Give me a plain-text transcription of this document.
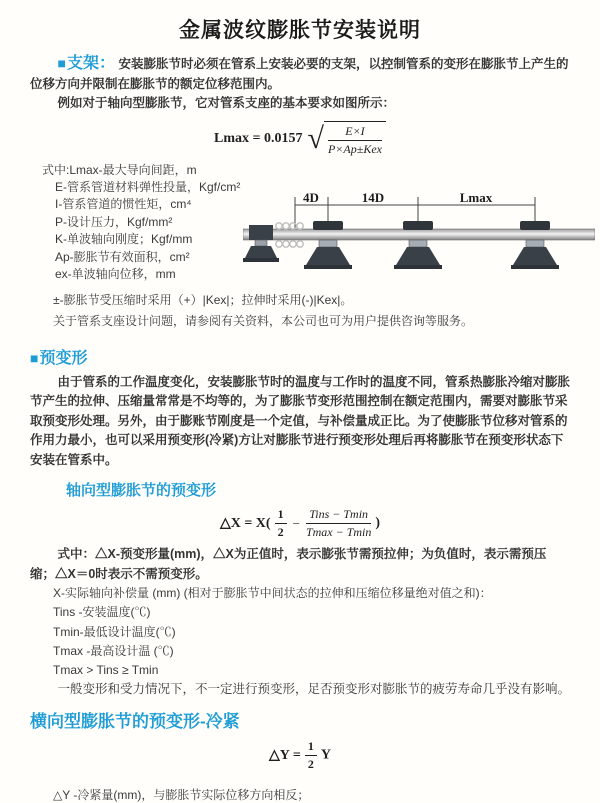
金属波纹膨胀节安装说明

■支架： 安装膨胀节时必须在管系上安装必要的支架，以控制管系的变形在膨胀节上产生的位移方向并限制在膨胀节的额定位移范围内。

例如对于轴向型膨胀节，它对管系支座的基本要求如图所示：

Lmax = 0.0157 √ $\frac{E\times I}{\text{P×Ap±Kex}}$
式中:Lmax-最大导向间距，m
E-管系管道材料弹性投量，Kgf/cm²
I-管系管道的惯性矩，cm⁴
P-设计压力，Kgf/mm²
K-单波轴向刚度；Kgf/mm
Ap-膨胀节有效面积，cm²
ex-单波轴向位移，mm
4D	14D	Lmax

±-膨胀节受压缩时采用（+）|Kex|；拉伸时采用(-)|Kex|。

关于管系支座设计问题，请参阅有关资料，本公司也可为用户提供咨询等服务。

■预变形

由于管系的工作温度变化，安装膨胀节时的温度与工作时的温度不同，管系热膨胀冷缩对膨胀节产生的拉伸、压缩量常常是不均等的，为了膨胀节变形范围控制在额定范围内，需要对膨胀节采取预变形处理。另外，由于膨账节刚度是一个定值，与补偿量成正比。为了使膨胀节位移对管系的作用力最小，也可以采用预变形(冷紧)方让对膨胀节进行预变形处理后再将膨胀节在预变形状态下安装在管系中。

轴向型膨胀节的预变形
△X = $X( \frac{1}{2} - \frac{\text{Tins − Tmin}}{Tmax - Tmin}$ )

式中：△X-预变形量(mm)，△X为正值时，表示膨张节需预拉伸；为负值时，表示需预压缩；△X＝0时表示不需预变形。

X-实际轴向补偿量 (mm) (相对于膨胀节中间状态的拉伸和压缩位移量绝对值之和)：

Tins -安装温度(℃)

Tmin-最低设计温度(℃)

Tmax -最高设计温 (℃)

Tmax > Tins ≥ Tmin

一般变形和受力情况下，不一定进行预变形，足否预变形对膨胀节的疲劳寿命几乎没有影响。

横向型膨胀节的预变形-冷紧
△Y = $\frac{1}{2}$ Y

△Y -冷紧量(mm)，与膨胀节实际位移方向相反；
